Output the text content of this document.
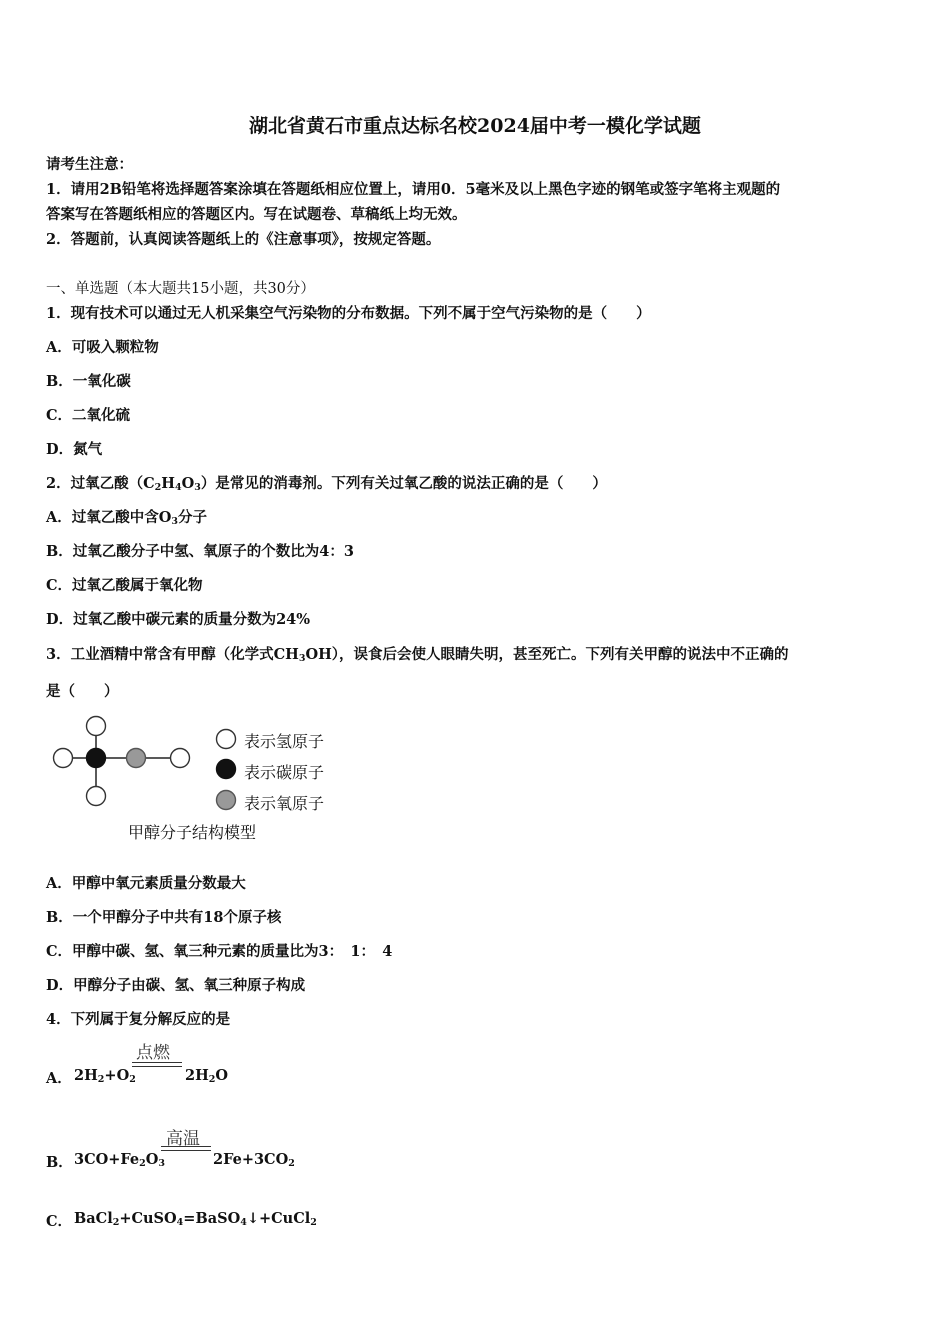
湖北省黄石市重点达标名校2024届中考一模化学试题
请考生注意：
1．请用2B铅笔将选择题答案涂填在答题纸相应位置上，请用0．5毫米及以上黑色字迹的钢笔或签字笔将主观题的
答案写在答题纸相应的答题区内。写在试题卷、草稿纸上均无效。
2．答题前，认真阅读答题纸上的《注意事项》，按规定答题。
一、单选题（本大题共15小题，共30分）
1．现有技术可以通过无人机采集空气污染物的分布数据。下列不属于空气污染物的是（　　）
A．可吸入颗粒物
B．一氧化碳
C．二氧化硫
D．氮气
2．过氧乙酸$(C_2H_4O_3)$是常见的消毒剂。下列有关过氧乙酸的说法正确的是（　　）
A．过氧乙酸中含$O_3$分子
B．过氧乙酸分子中氢、氧原子的个数比为4：3
C．过氧乙酸属于氧化物
D．过氧乙酸中碳元素的质量分数为24%
3．工业酒精中常含有甲醇（化学式$CH_3OH$），误食后会使人眼睛失明，甚至死亡。下列有关甲醇的说法中不正确的
是（　　）
表示氢原子
表示碳原子
表示氧原子
甲醇分子结构模型
A．甲醇中氧元素质量分数最大
B．一个甲醇分子中共有18个原子核
C．甲醇中碳、氢、氧三种元素的质量比为3：　1：　4
D．甲醇分子由碳、氢、氧三种原子构成
4．下列属于复分解反应的是
A． $2H_2+O_2$
点燃
$2H_2O$
B． $3CO+Fe_2O_3$
高温
$2Fe+3CO_2$
C． BaCl$_2$+CuSO$_4$=BaSO$_4$↓+CuCl$_2$
